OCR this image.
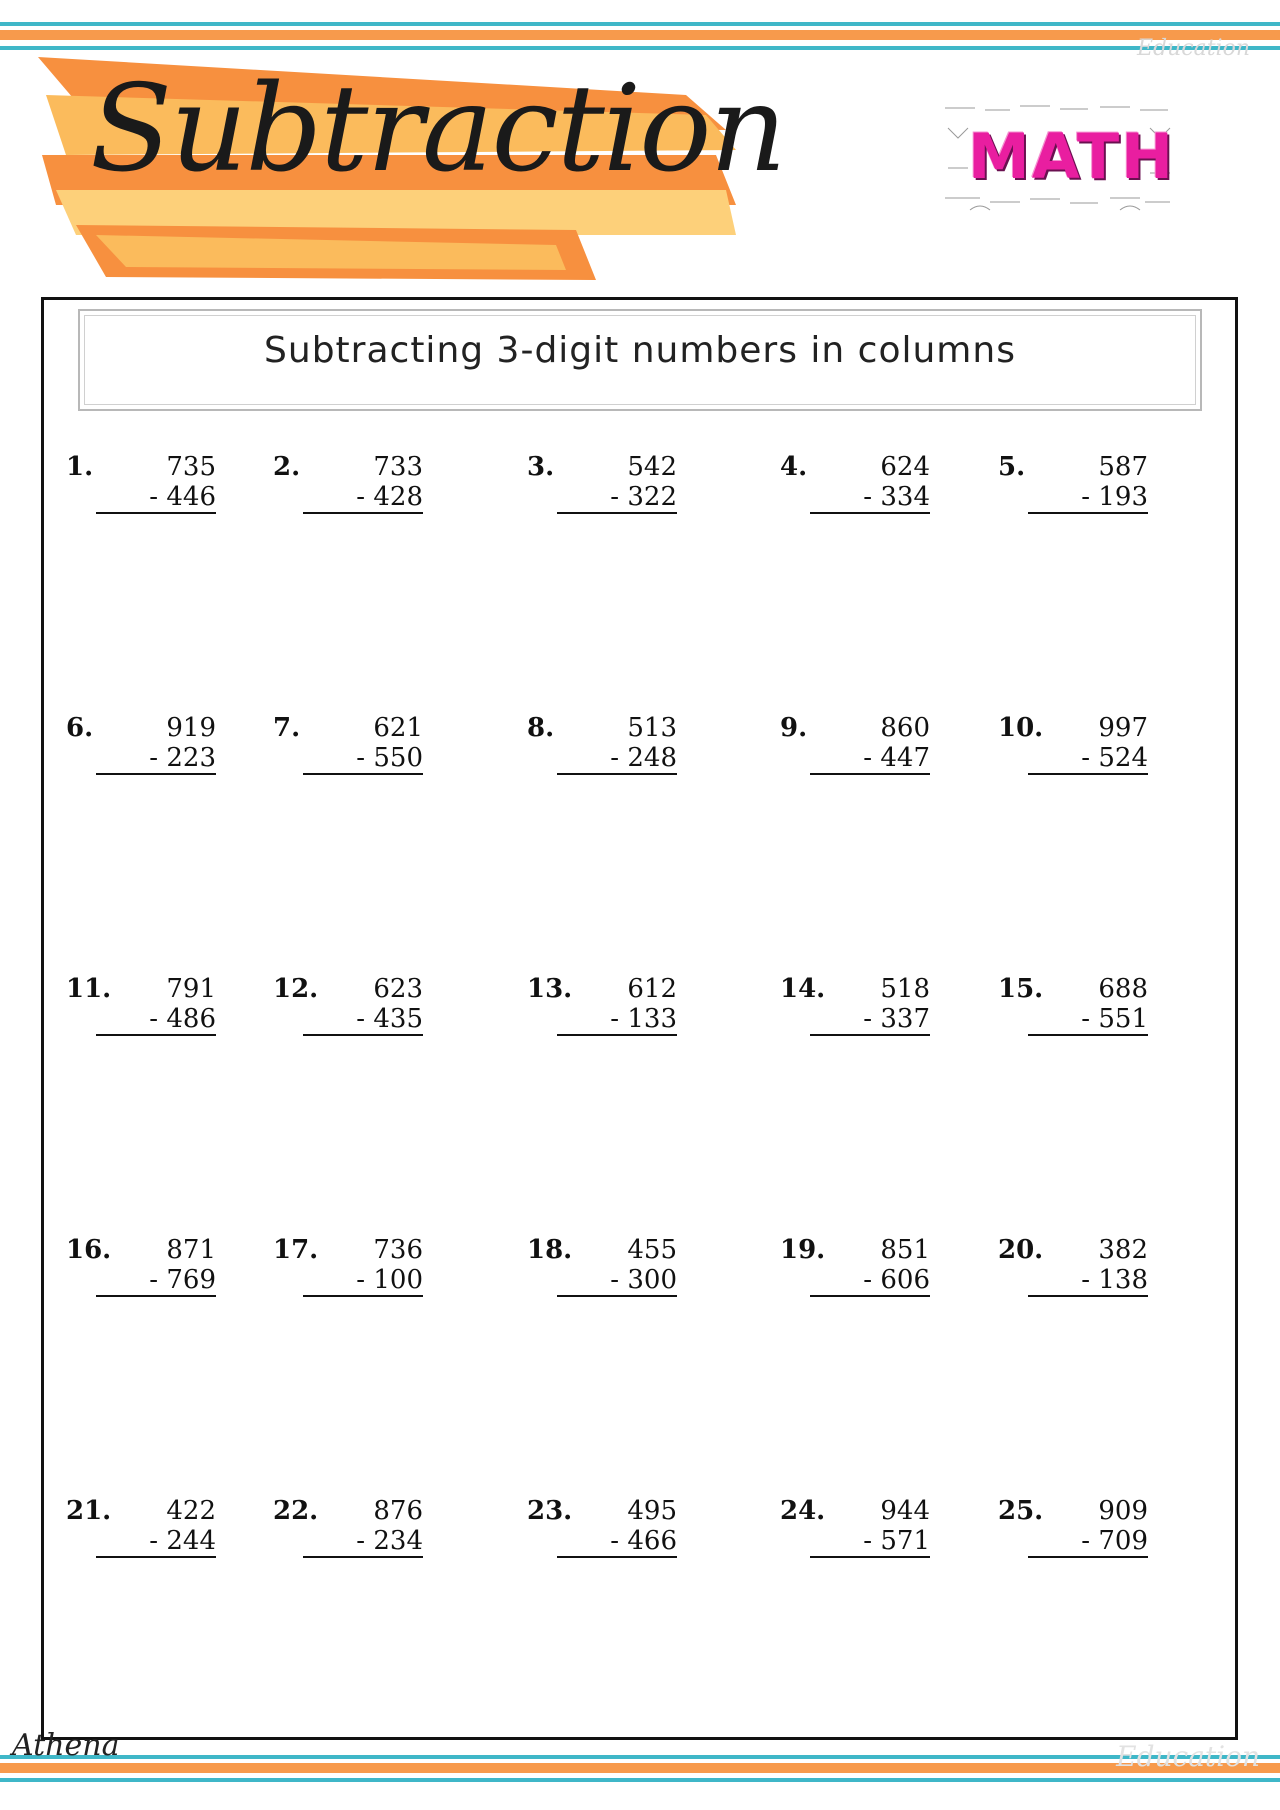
Education
Subtraction	MATH
Subtracting 3-digit numbers in columns
1.	735
- 446
2.	733
- 428
3.	542
- 322
4.	624
- 334
5.	587
- 193
6.	919
- 223
7.	621
- 550
8.	513
- 248
9.	860
- 447
10.	997
- 524
11.	791
- 486
12.	623
- 435
13.	612
- 133
14.	518
- 337
15.	688
- 551
16.	871
- 769
17.	736
- 100
18.	455
- 300
19.	851
- 606
20.	382
- 138
21.	422
- 244
22.	876
- 234
23.	495
- 466
24.	944
- 571
25.	909
- 709
Athena	Education
